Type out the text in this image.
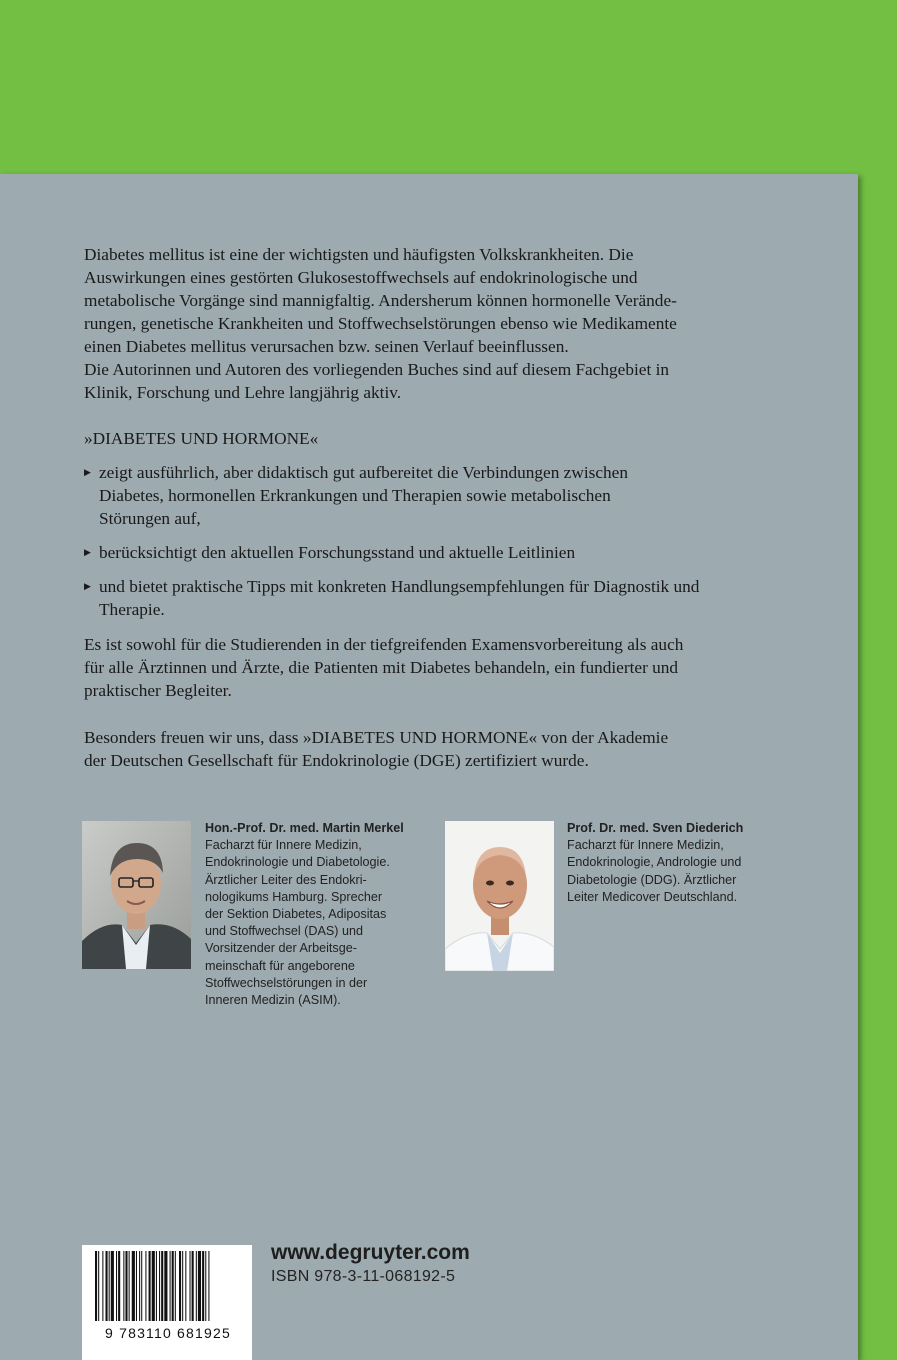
Diabetes mellitus ist eine der wichtigsten und häufigsten Volkskrankheiten. Die

Auswirkungen eines gestörten Glukosestoffwechsels auf endokrinologische und

metabolische Vorgänge sind mannigfaltig. Andersherum können hormonelle Verände-

rungen, genetische Krankheiten und Stoffwechselstörungen ebenso wie Medikamente

einen Diabetes mellitus verursachen bzw. seinen Verlauf beeinflussen.

Die Autorinnen und Autoren des vorliegenden Buches sind auf diesem Fachgebiet in

Klinik, Forschung und Lehre langjährig aktiv.

»DIABETES UND HORMONE«

▶ zeigt ausführlich, aber didaktisch gut aufbereitet die Verbindungen zwischen
Diabetes, hormonellen Erkrankungen und Therapien sowie metabolischen
Störungen auf,
▶ berücksichtigt den aktuellen Forschungsstand und aktuelle Leitlinien
▶ und bietet praktische Tipps mit konkreten Handlungsempfehlungen für Diagnostik und
Therapie.
Es ist sowohl für die Studierenden in der tiefgreifenden Examensvorbereitung als auch
für alle Ärztinnen und Ärzte, die Patienten mit Diabetes behandeln, ein fundierter und
praktischer Begleiter.
Besonders freuen wir uns, dass »DIABETES UND HORMONE« von der Akademie
der Deutschen Gesellschaft für Endokrinologie (DGE) zertifiziert wurde.
Hon.-Prof. Dr. med. Martin Merkel
Facharzt für Innere Medizin,
Endokrinologie und Diabetologie.
Ärztlicher Leiter des Endokri-
nologikums Hamburg. Sprecher
der Sektion Diabetes, Adipositas
und Stoffwechsel (DAS) und
Vorsitzender der Arbeitsge-
meinschaft für angeborene
Stoffwechselstörungen in der
Inneren Medizin (ASIM).
Prof. Dr. med. Sven Diederich
Facharzt für Innere Medizin,
Endokrinologie, Andrologie und
Diabetologie (DDG). Ärztlicher
Leiter Medicover Deutschland.
9 783110 681925
www.degruyter.com
ISBN 978-3-11-068192-5
